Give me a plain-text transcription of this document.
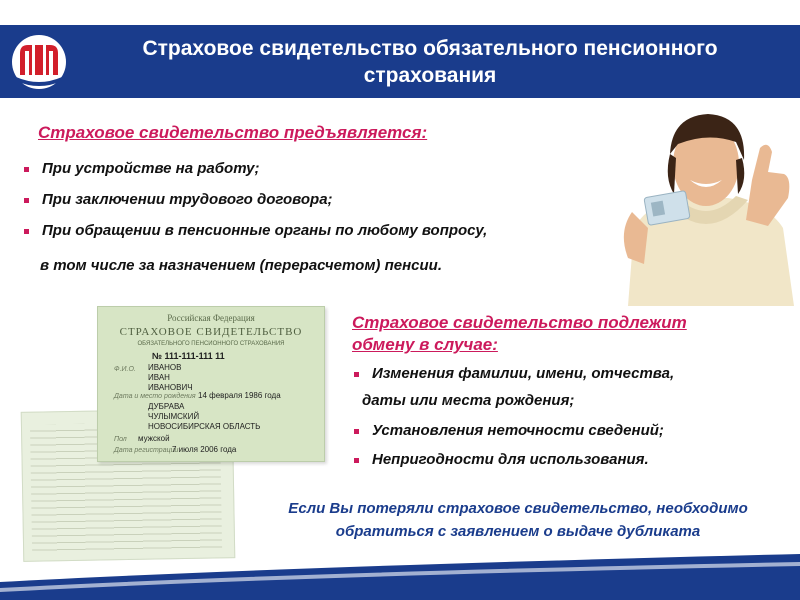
Страховое свидетельство обязательного пенсионного
страхования
Страховое свидетельство предъявляется:
При устройстве на работу;
При заключении трудового договора;
При обращении в пенсионные органы по любому вопросу,
в том числе за назначением (перерасчетом) пенсии.
Страховое свидетельство подлежит
обмену в случае:
Изменения фамилии, имени, отчества,
даты или места рождения;
Установления неточности сведений;
Непригодности для использования.
Российская Федерация
СТРАХОВОЕ СВИДЕТЕЛЬСТВО
ОБЯЗАТЕЛЬНОГО ПЕНСИОННОГО СТРАХОВАНИЯ
№ 111-111-111 11
Ф.И.О. ИВАНОВ
ИВАН
ИВАНОВИЧ
Дата и место рождения 14 февраля 1986 года
ДУБРАВА
ЧУЛЫМСКИЙ
НОВОСИБИРСКАЯ ОБЛАСТЬ
Пол мужской
Дата регистрации
7 июля 2006 года
Если Вы потеряли страховое свидетельство, необходимо
обратиться с заявлением о выдаче дубликата
